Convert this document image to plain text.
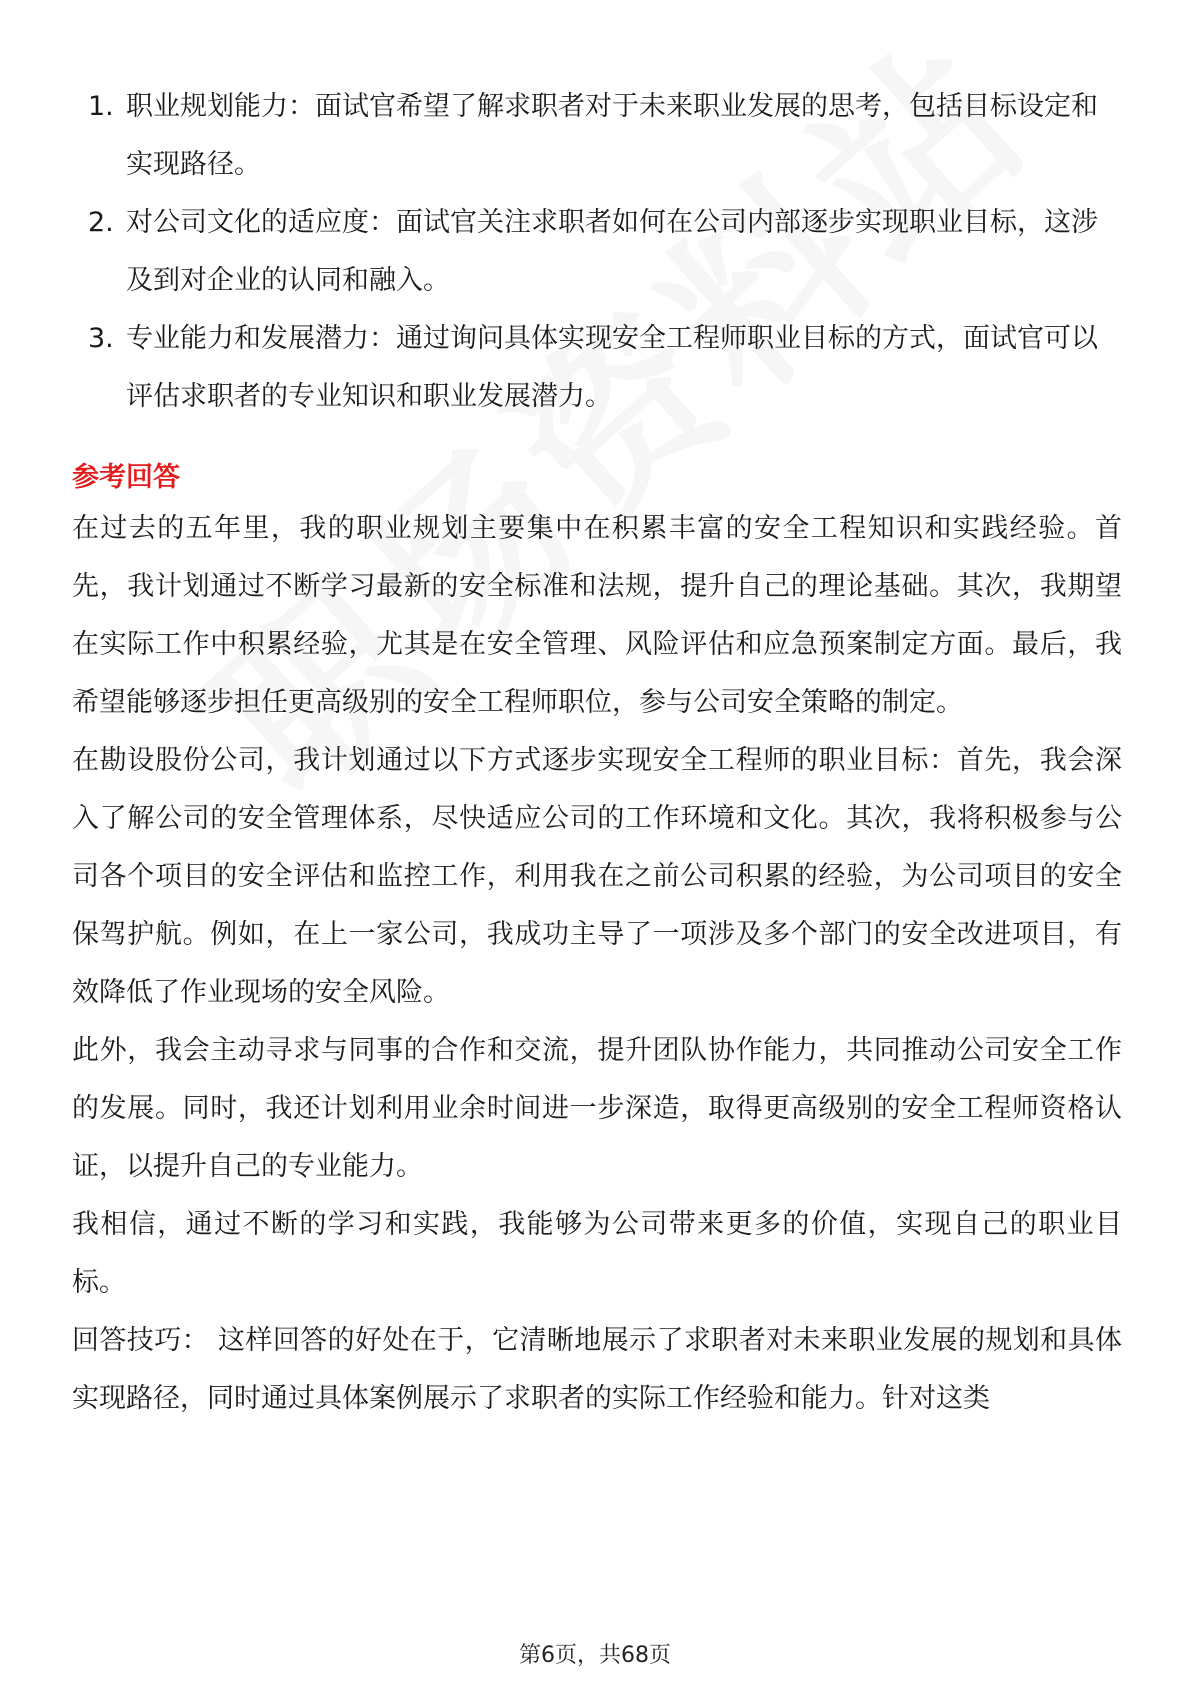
1. 职业规划能力：面试官希望了解求职者对于未来职业发展的思考，包括目标设定和实现路径。
2. 对公司文化的适应度：面试官关注求职者如何在公司内部逐步实现职业目标，这涉及到对企业的认同和融入。
3. 专业能力和发展潜力：通过询问具体实现安全工程师职业目标的方式，面试官可以评估求职者的专业知识和职业发展潜力。
参考回答

在过去的五年里，我的职业规划主要集中在积累丰富的安全工程知识和实践经验。首先，我计划通过不断学习最新的安全标准和法规，提升自己的理论基础。其次，我期望在实际工作中积累经验，尤其是在安全管理、风险评估和应急预案制定方面。最后，我希望能够逐步担任更高级别的安全工程师职位，参与公司安全策略的制定。

在勘设股份公司，我计划通过以下方式逐步实现安全工程师的职业目标：首先，我会深入了解公司的安全管理体系，尽快适应公司的工作环境和文化。其次，我将积极参与公司各个项目的安全评估和监控工作，利用我在之前公司积累的经验，为公司项目的安全保驾护航。例如，在上一家公司，我成功主导了一项涉及多个部门的安全改进项目，有效降低了作业现场的安全风险。

此外，我会主动寻求与同事的合作和交流，提升团队协作能力，共同推动公司安全工作的发展。同时，我还计划利用业余时间进一步深造，取得更高级别的安全工程师资格认证，以提升自己的专业能力。

我相信，通过不断的学习和实践，我能够为公司带来更多的价值，实现自己的职业目标。

回答技巧： 这样回答的好处在于，它清晰地展示了求职者对未来职业发展的规划和具体实现路径，同时通过具体案例展示了求职者的实际工作经验和能力。针对这类

第6页，共68页
